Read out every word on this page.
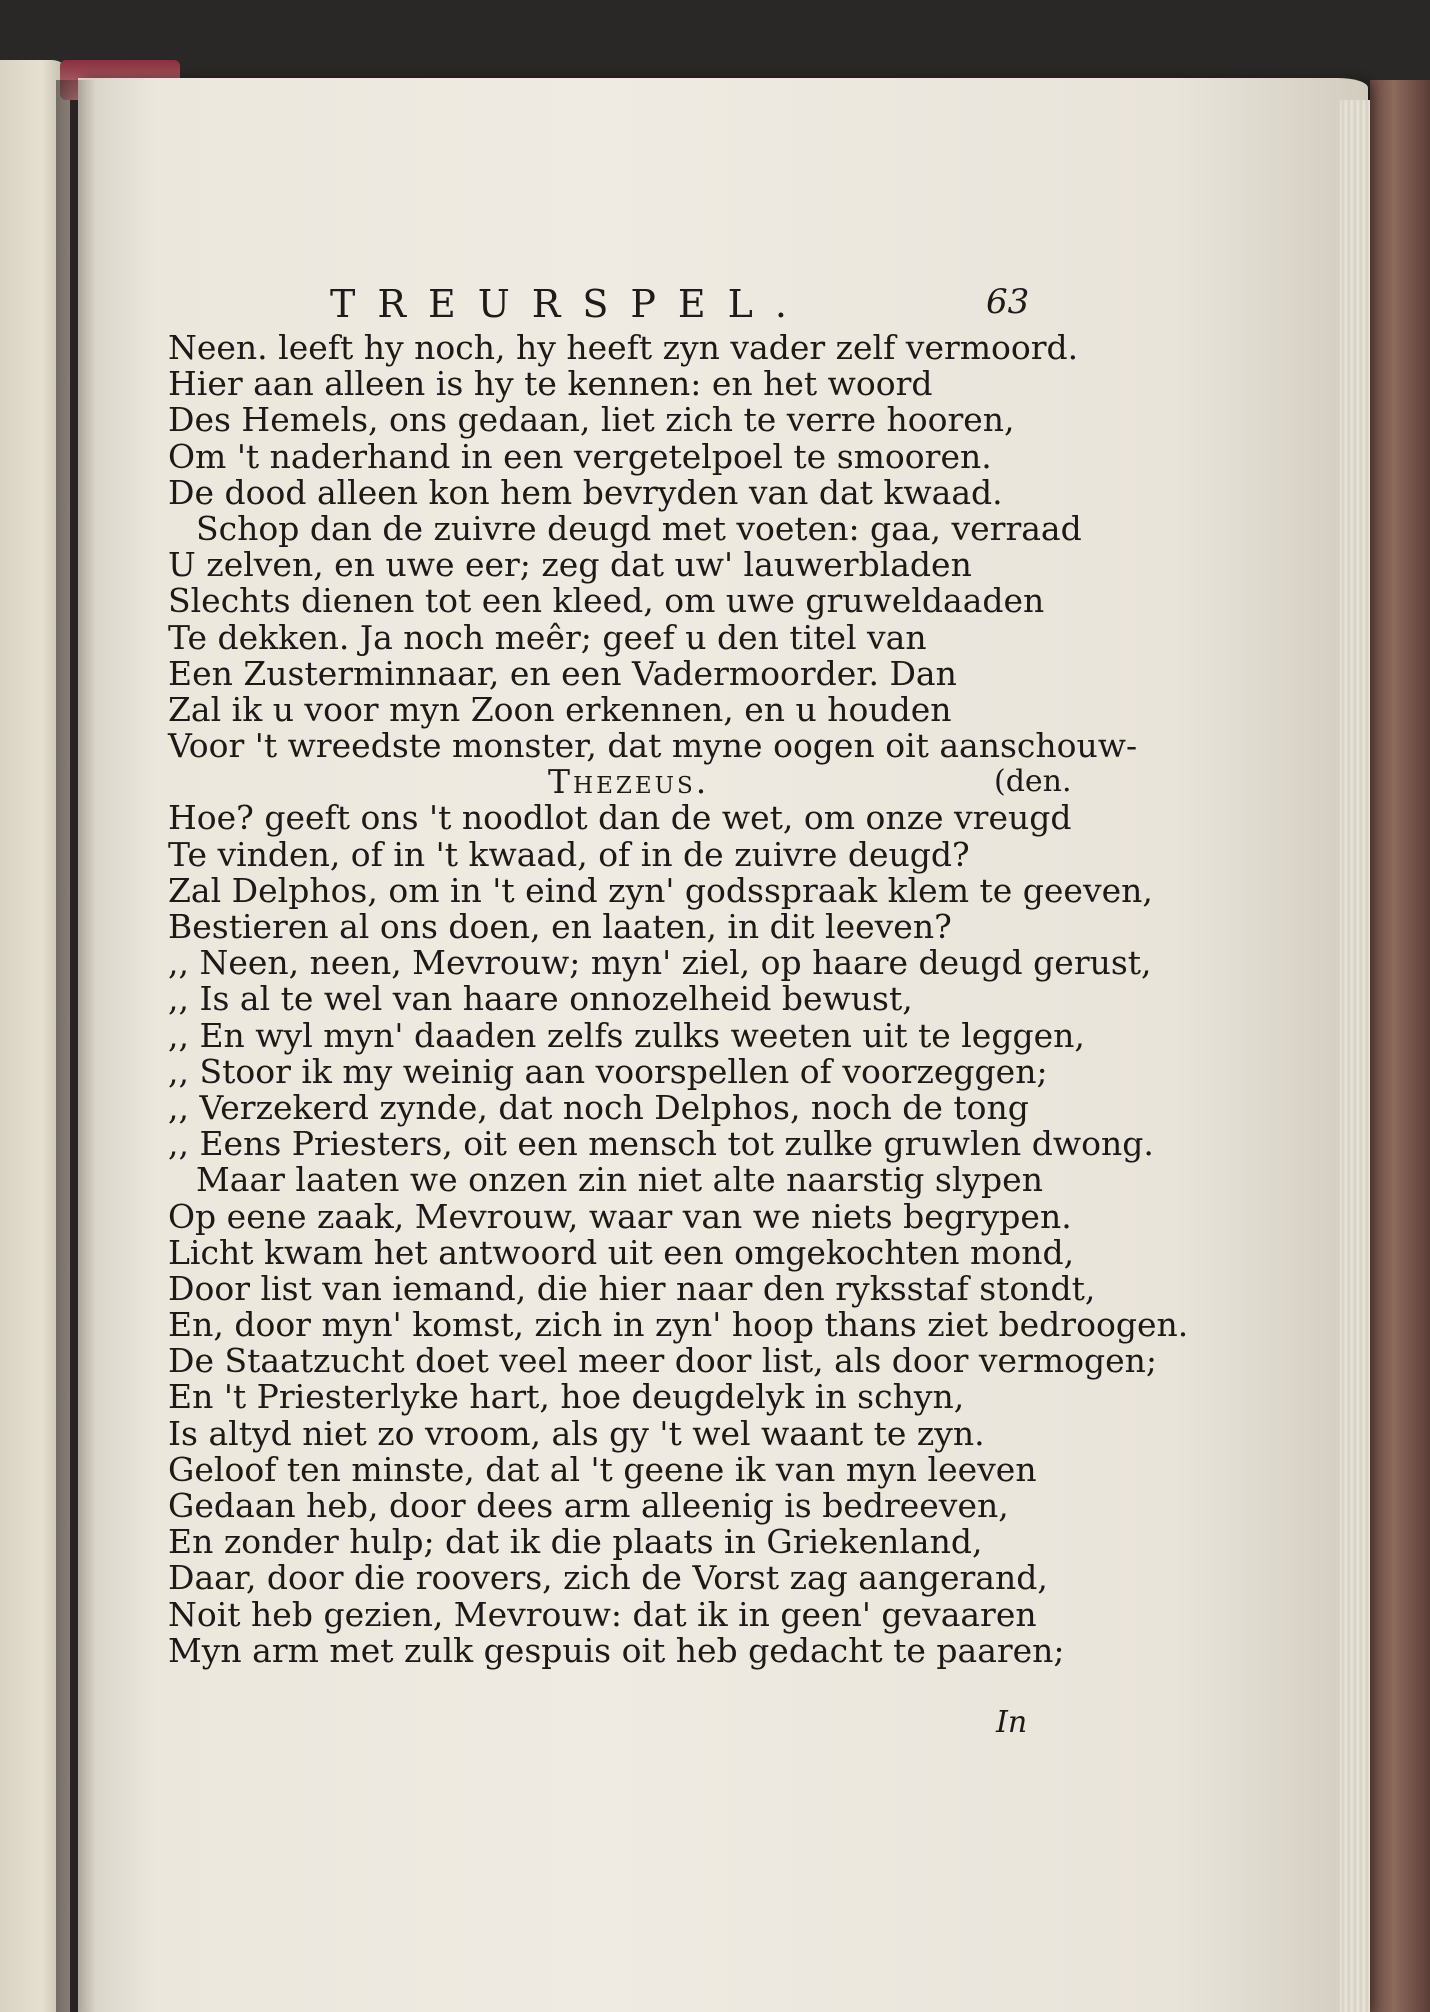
TREURSPEL.	63
Neen. leeft hy noch, hy heeft zyn vader zelf vermoord.
Hier aan alleen is hy te kennen: en het woord
Des Hemels, ons gedaan, liet zich te verre hooren,
Om 't naderhand in een vergetelpoel te smooren.
De dood alleen kon hem bevryden van dat kwaad.
Schop dan de zuivre deugd met voeten: gaa, verraad
U zelven, en uwe eer; zeg dat uw' lauwerbladen
Slechts dienen tot een kleed, om uwe gruweldaaden
Te dekken. Ja noch meêr; geef u den titel van
Een Zusterminnaar, en een Vadermoorder. Dan
Zal ik u voor myn Zoon erkennen, en u houden
Voor 't wreedste monster, dat myne oogen oit aanschouw-
Thezeus.	(den.
Hoe? geeft ons 't noodlot dan de wet, om onze vreugd
Te vinden, of in 't kwaad, of in de zuivre deugd?
Zal Delphos, om in 't eind zyn' godsspraak klem te geeven,
Bestieren al ons doen, en laaten, in dit leeven?
,, Neen, neen, Mevrouw; myn' ziel, op haare deugd gerust,
,, Is al te wel van haare onnozelheid bewust,
,, En wyl myn' daaden zelfs zulks weeten uit te leggen,
,, Stoor ik my weinig aan voorspellen of voorzeggen;
,, Verzekerd zynde, dat noch Delphos, noch de tong
,, Eens Priesters, oit een mensch tot zulke gruwlen dwong.
Maar laaten we onzen zin niet alte naarstig slypen
Op eene zaak, Mevrouw, waar van we niets begrypen.
Licht kwam het antwoord uit een omgekochten mond,
Door list van iemand, die hier naar den ryksstaf stondt,
En, door myn' komst, zich in zyn' hoop thans ziet bedroogen.
De Staatzucht doet veel meer door list, als door vermogen;
En 't Priesterlyke hart, hoe deugdelyk in schyn,
Is altyd niet zo vroom, als gy 't wel waant te zyn.
Geloof ten minste, dat al 't geene ik van myn leeven
Gedaan heb, door dees arm alleenig is bedreeven,
En zonder hulp; dat ik die plaats in Griekenland,
Daar, door die roovers, zich de Vorst zag aangerand,
Noit heb gezien, Mevrouw: dat ik in geen' gevaaren
Myn arm met zulk gespuis oit heb gedacht te paaren;
In
